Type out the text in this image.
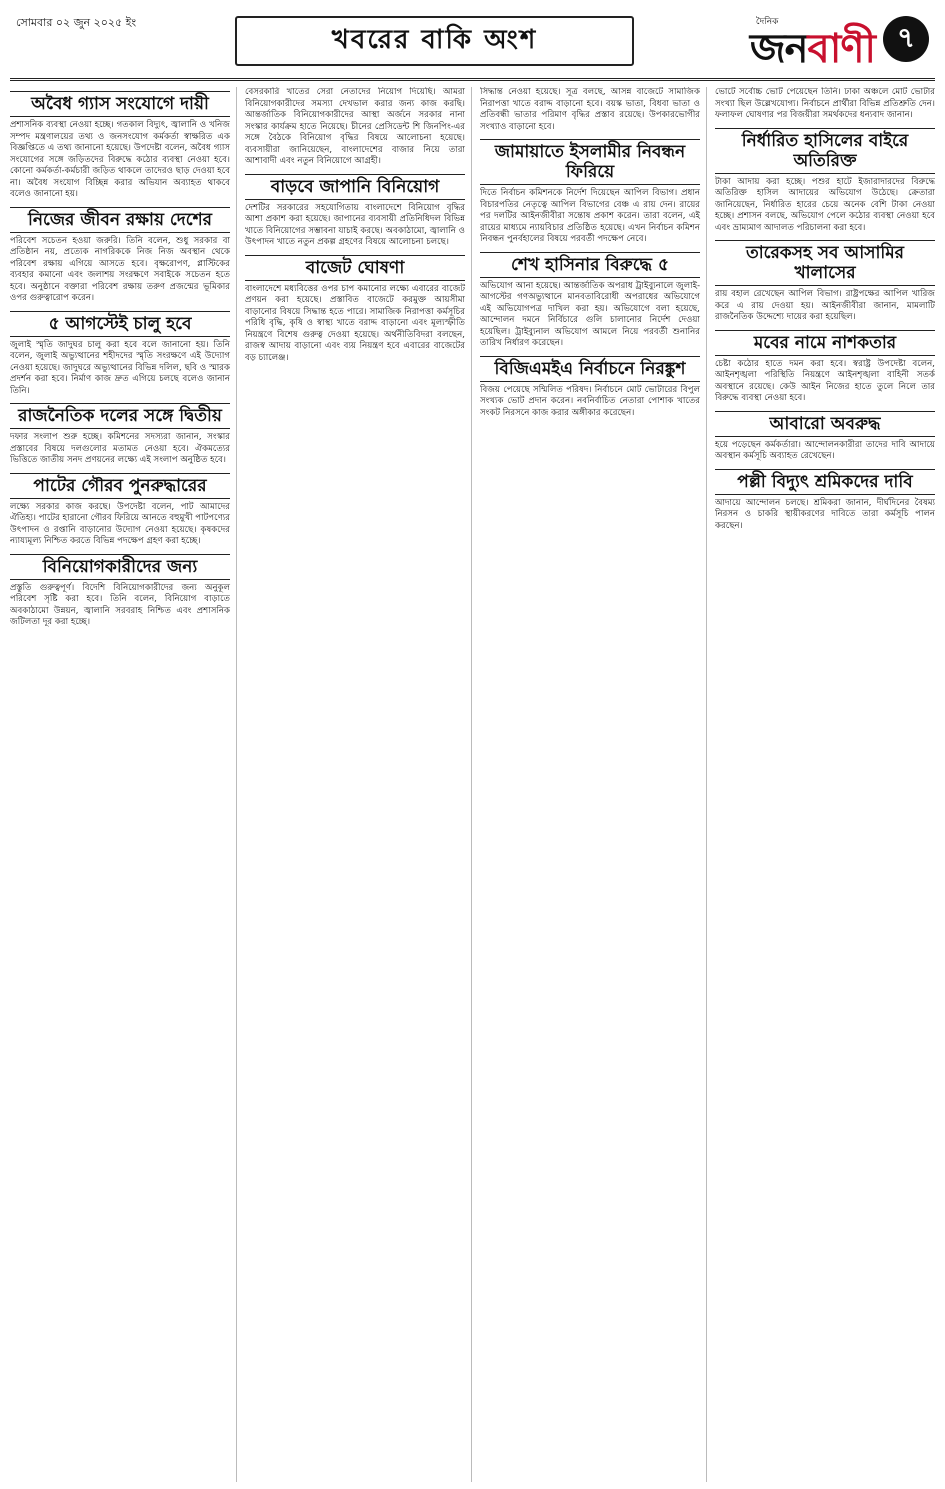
সোমবার ০২ জুন ২০২৫ ইং
খবরের বাকি অংশ
দৈনিক
জনবাণী ৭
অবৈধ গ্যাস সংযোগে দায়ী

প্রশাসনিক ব্যবস্থা নেওয়া হচ্ছে। গতকাল বিদ্যুৎ, জ্বালানি ও খনিজ সম্পদ মন্ত্রণালয়ের তথ্য ও জনসংযোগ কর্মকর্তা স্বাক্ষরিত এক বিজ্ঞপ্তিতে এ তথ্য জানানো হয়েছে। উপদেষ্টা বলেন, অবৈধ গ্যাস সংযোগের সঙ্গে জড়িতদের বিরুদ্ধে কঠোর ব্যবস্থা নেওয়া হবে। কোনো কর্মকর্তা-কর্মচারী জড়িত থাকলে তাদেরও ছাড় দেওয়া হবে না। অবৈধ সংযোগ বিচ্ছিন্ন করার অভিযান অব্যাহত থাকবে বলেও জানানো হয়।

নিজের জীবন রক্ষায় দেশের

পরিবেশ সচেতন হওয়া জরুরি। তিনি বলেন, শুধু সরকার বা প্রতিষ্ঠান নয়, প্রত্যেক নাগরিককে নিজ নিজ অবস্থান থেকে পরিবেশ রক্ষায় এগিয়ে আসতে হবে। বৃক্ষরোপণ, প্লাস্টিকের ব্যবহার কমানো এবং জলাশয় সংরক্ষণে সবাইকে সচেতন হতে হবে। অনুষ্ঠানে বক্তারা পরিবেশ রক্ষায় তরুণ প্রজন্মের ভূমিকার ওপর গুরুত্বারোপ করেন।

৫ আগস্টেই চালু হবে

জুলাই স্মৃতি জাদুঘর চালু করা হবে বলে জানানো হয়। তিনি বলেন, জুলাই অভ্যুত্থানের শহীদদের স্মৃতি সংরক্ষণে এই উদ্যোগ নেওয়া হয়েছে। জাদুঘরে অভ্যুত্থানের বিভিন্ন দলিল, ছবি ও স্মারক প্রদর্শন করা হবে। নির্মাণ কাজ দ্রুত এগিয়ে চলছে বলেও জানান তিনি।

রাজনৈতিক দলের সঙ্গে দ্বিতীয়

দফার সংলাপ শুরু হচ্ছে। কমিশনের সদস্যরা জানান, সংস্কার প্রস্তাবের বিষয়ে দলগুলোর মতামত নেওয়া হবে। ঐকমত্যের ভিত্তিতে জাতীয় সনদ প্রণয়নের লক্ষ্যে এই সংলাপ অনুষ্ঠিত হবে।

পাটের গৌরব পুনরুদ্ধারের

লক্ষ্যে সরকার কাজ করছে। উপদেষ্টা বলেন, পাট আমাদের ঐতিহ্য। পাটের হারানো গৌরব ফিরিয়ে আনতে বহুমুখী পাটপণ্যের উৎপাদন ও রপ্তানি বাড়ানোর উদ্যোগ নেওয়া হয়েছে। কৃষকদের ন্যায্যমূল্য নিশ্চিত করতে বিভিন্ন পদক্ষেপ গ্রহণ করা হচ্ছে।

বিনিয়োগকারীদের জন্য

প্রস্তুতি গুরুত্বপূর্ণ। বিদেশি বিনিয়োগকারীদের জন্য অনুকূল পরিবেশ সৃষ্টি করা হবে। তিনি বলেন, বিনিয়োগ বাড়াতে অবকাঠামো উন্নয়ন, জ্বালানি সরবরাহ নিশ্চিত এবং প্রশাসনিক জটিলতা দূর করা হচ্ছে।

বেসরকারি খাতের সেরা নেতাদের নিয়োগ দিয়েছি। আমরা বিনিয়োগকারীদের সমস্যা দেখভাল করার জন্য কাজ করছি। আন্তর্জাতিক বিনিয়োগকারীদের আস্থা অর্জনে সরকার নানা সংস্কার কার্যক্রম হাতে নিয়েছে। চীনের প্রেসিডেন্ট শি জিনপিং-এর সঙ্গে বৈঠকে বিনিয়োগ বৃদ্ধির বিষয়ে আলোচনা হয়েছে। ব্যবসায়ীরা জানিয়েছেন, বাংলাদেশের বাজার নিয়ে তারা আশাবাদী এবং নতুন বিনিয়োগে আগ্রহী।

বাড়বে জাপানি বিনিয়োগ

দেশটির সরকারের সহযোগিতায় বাংলাদেশে বিনিয়োগ বৃদ্ধির আশা প্রকাশ করা হয়েছে। জাপানের ব্যবসায়ী প্রতিনিধিদল বিভিন্ন খাতে বিনিয়োগের সম্ভাবনা যাচাই করছে। অবকাঠামো, জ্বালানি ও উৎপাদন খাতে নতুন প্রকল্প গ্রহণের বিষয়ে আলোচনা চলছে।

বাজেট ঘোষণা

বাংলাদেশে মধ্যবিত্তের ওপর চাপ কমানোর লক্ষ্যে এবারের বাজেট প্রণয়ন করা হয়েছে। প্রস্তাবিত বাজেটে করমুক্ত আয়সীমা বাড়ানোর বিষয়ে সিদ্ধান্ত হতে পারে। সামাজিক নিরাপত্তা কর্মসূচির পরিধি বৃদ্ধি, কৃষি ও স্বাস্থ্য খাতে বরাদ্দ বাড়ানো এবং মূল্যস্ফীতি নিয়ন্ত্রণে বিশেষ গুরুত্ব দেওয়া হয়েছে। অর্থনীতিবিদরা বলছেন, রাজস্ব আদায় বাড়ানো এবং ব্যয় নিয়ন্ত্রণ হবে এবারের বাজেটের বড় চ্যালেঞ্জ।

সিদ্ধান্ত নেওয়া হয়েছে। সূত্র বলছে, আসন্ন বাজেটে সামাজিক নিরাপত্তা খাতে বরাদ্দ বাড়ানো হবে। বয়স্ক ভাতা, বিধবা ভাতা ও প্রতিবন্ধী ভাতার পরিমাণ বৃদ্ধির প্রস্তাব রয়েছে। উপকারভোগীর সংখ্যাও বাড়ানো হবে।

জামায়াতে ইসলামীর নিবন্ধন ফিরিয়ে

দিতে নির্বাচন কমিশনকে নির্দেশ দিয়েছেন আপিল বিভাগ। প্রধান বিচারপতির নেতৃত্বে আপিল বিভাগের বেঞ্চ এ রায় দেন। রায়ের পর দলটির আইনজীবীরা সন্তোষ প্রকাশ করেন। তারা বলেন, এই রায়ের মাধ্যমে ন্যায়বিচার প্রতিষ্ঠিত হয়েছে। এখন নির্বাচন কমিশন নিবন্ধন পুনর্বহালের বিষয়ে পরবর্তী পদক্ষেপ নেবে।

শেখ হাসিনার বিরুদ্ধে ৫

অভিযোগ আনা হয়েছে। আন্তর্জাতিক অপরাধ ট্রাইব্যুনালে জুলাই-আগস্টের গণঅভ্যুত্থানে মানবতাবিরোধী অপরাধের অভিযোগে এই অভিযোগপত্র দাখিল করা হয়। অভিযোগে বলা হয়েছে, আন্দোলন দমনে নির্বিচারে গুলি চালানোর নির্দেশ দেওয়া হয়েছিল। ট্রাইব্যুনাল অভিযোগ আমলে নিয়ে পরবর্তী শুনানির তারিখ নির্ধারণ করেছেন।

বিজিএমইএ নির্বাচনে নিরঙ্কুশ

বিজয় পেয়েছে সম্মিলিত পরিষদ। নির্বাচনে মোট ভোটারের বিপুল সংখ্যক ভোট প্রদান করেন। নবনির্বাচিত নেতারা পোশাক খাতের সংকট নিরসনে কাজ করার অঙ্গীকার করেছেন।

ভোটে সর্বোচ্চ ভোট পেয়েছেন তিনি। ঢাকা অঞ্চলে মোট ভোটার সংখ্যা ছিল উল্লেখযোগ্য। নির্বাচনে প্রার্থীরা বিভিন্ন প্রতিশ্রুতি দেন। ফলাফল ঘোষণার পর বিজয়ীরা সমর্থকদের ধন্যবাদ জানান।

নির্ধারিত হাসিলের বাইরে অতিরিক্ত

টাকা আদায় করা হচ্ছে। পশুর হাটে ইজারাদারদের বিরুদ্ধে অতিরিক্ত হাসিল আদায়ের অভিযোগ উঠেছে। ক্রেতারা জানিয়েছেন, নির্ধারিত হারের চেয়ে অনেক বেশি টাকা নেওয়া হচ্ছে। প্রশাসন বলছে, অভিযোগ পেলে কঠোর ব্যবস্থা নেওয়া হবে এবং ভ্রাম্যমাণ আদালত পরিচালনা করা হবে।

তারেকসহ সব আসামির খালাসের

রায় বহাল রেখেছেন আপিল বিভাগ। রাষ্ট্রপক্ষের আপিল খারিজ করে এ রায় দেওয়া হয়। আইনজীবীরা জানান, মামলাটি রাজনৈতিক উদ্দেশ্যে দায়ের করা হয়েছিল।

মবের নামে নাশকতার

চেষ্টা কঠোর হাতে দমন করা হবে। স্বরাষ্ট্র উপদেষ্টা বলেন, আইনশৃঙ্খলা পরিস্থিতি নিয়ন্ত্রণে আইনশৃঙ্খলা বাহিনী সতর্ক অবস্থানে রয়েছে। কেউ আইন নিজের হাতে তুলে নিলে তার বিরুদ্ধে ব্যবস্থা নেওয়া হবে।

আবারো অবরুদ্ধ

হয়ে পড়েছেন কর্মকর্তারা। আন্দোলনকারীরা তাদের দাবি আদায়ে অবস্থান কর্মসূচি অব্যাহত রেখেছেন।

পল্লী বিদ্যুৎ শ্রমিকদের দাবি

আদায়ে আন্দোলন চলছে। শ্রমিকরা জানান, দীর্ঘদিনের বৈষম্য নিরসন ও চাকরি স্থায়ীকরণের দাবিতে তারা কর্মসূচি পালন করছেন।
